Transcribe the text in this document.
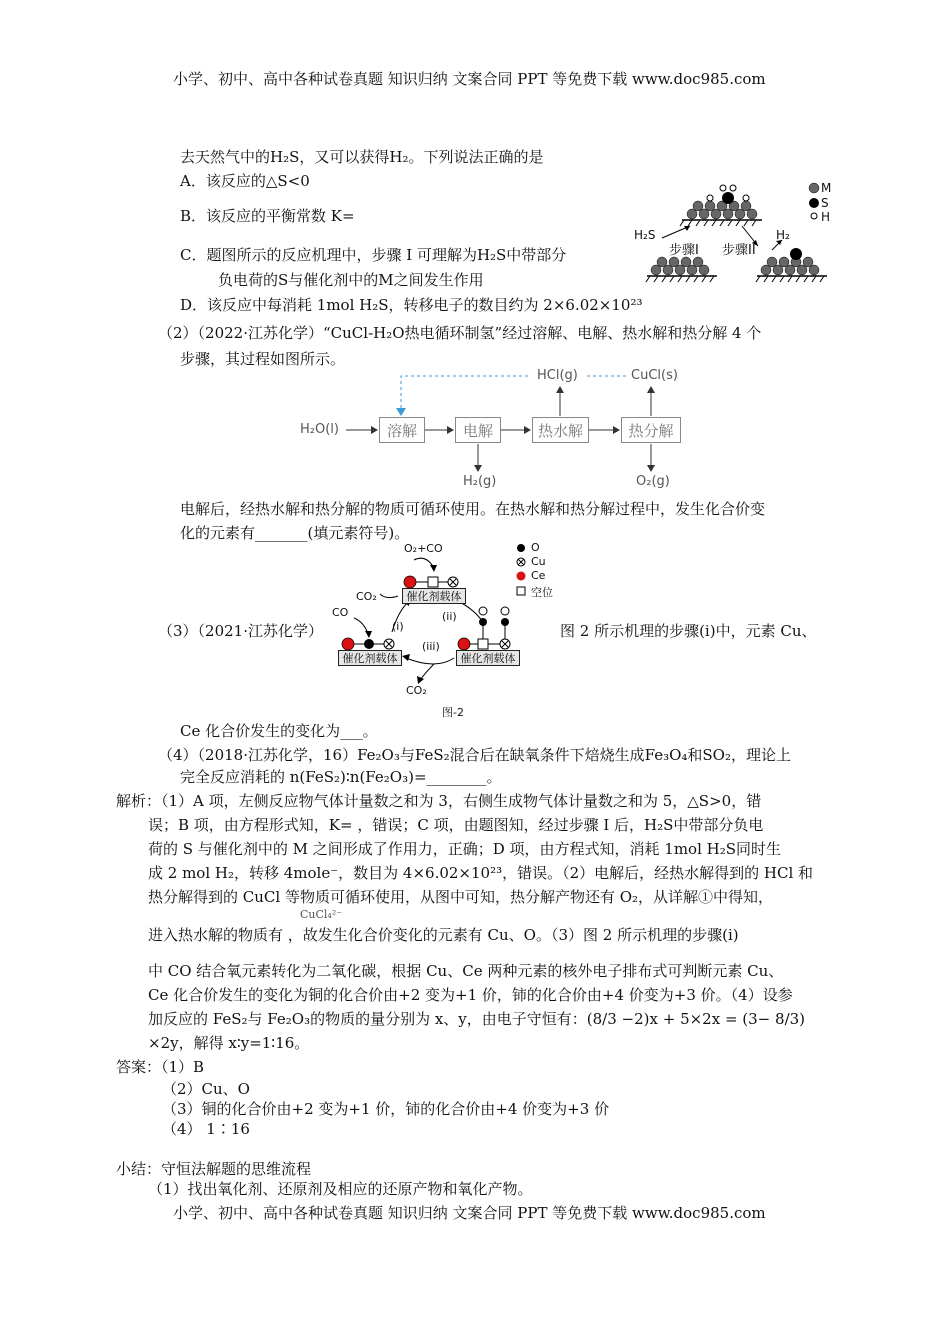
小学、初中、高中各种试卷真题 知识归纳 文案合同 PPT 等免费下载 www.doc985.com
小学、初中、高中各种试卷真题 知识归纳 文案合同 PPT 等免费下载 www.doc985.com
去天然气中的H₂S，又可以获得H₂。下列说法正确的是
A．该反应的△S<0
B．该反应的平衡常数 K=
C．题图所示的反应机理中，步骤 I 可理解为H₂S中带部分
负电荷的S与催化剂中的M之间发生作用
D．该反应中每消耗 1mol H₂S，转移电子的数目约为 2×6.02×10²³
M
S
H
H₂S	H₂
步骤I 步骤II
（2）（2022·江苏化学）“CuCl-H₂O热电循环制氢”经过溶解、电解、热水解和热分解 4 个
步骤，其过程如图所示。
H₂O(l)	溶解	电解	热水解	热分解
HCl(g)	CuCl(s)
H₂(g)	O₂(g)
电解后，经热水解和热分解的物质可循环使用。在热水解和热分解过程中，发生化合价变
化的元素有_______(填元素符号)。
（3）（2021·江苏化学）	图 2 所示机理的步骤(i)中，元素 Cu、
O₂+CO
CO₂
CO
CO₂
催化剂载体
催化剂载体	催化剂载体
(i)
(ii)
(iii)
O
Cu
Ce
空位
图-2
Ce 化合价发生的变化为___。
（4）（2018·江苏化学，16）Fe₂O₃与FeS₂混合后在缺氧条件下焙烧生成Fe₃O₄和SO₂，理论上
完全反应消耗的 n(FeS₂)∶n(Fe₂O₃)=________。
解析：（1）A 项，左侧反应物气体计量数之和为 3，右侧生成物气体计量数之和为 5，△S>0，错
误；B 项，由方程形式知，K= ，错误；C 项，由题图知，经过步骤 I 后，H₂S中带部分负电
荷的 S 与催化剂中的 M 之间形成了作用力，正确；D 项，由方程式知，消耗 1mol H₂S同时生
成 2 mol H₂，转移 4mole⁻，数目为 4×6.02×10²³，错误。（2）电解后，经热水解得到的 HCl 和
热分解得到的 CuCl 等物质可循环使用，从图中可知，热分解产物还有 O₂，从详解①中得知，
CuCl₄²⁻
进入热水解的物质有 ，故发生化合价变化的元素有 Cu、O。（3）图 2 所示机理的步骤(i)
中 CO 结合氧元素转化为二氧化碳，根据 Cu、Ce 两种元素的核外电子排布式可判断元素 Cu、
Ce 化合价发生的变化为铜的化合价由+2 变为+1 价，铈的化合价由+4 价变为+3 价。（4）设参
加反应的 FeS₂与 Fe₂O₃的物质的量分别为 x、y，由电子守恒有：(8/3 −2)x + 5×2x = (3− 8/3)
×2y，解得 x∶y=1∶16。
答案：（1）B
（2）Cu、O
（3）铜的化合价由+2 变为+1 价，铈的化合价由+4 价变为+3 价
（4） 1∶16
小结：守恒法解题的思维流程
（1）找出氧化剂、还原剂及相应的还原产物和氧化产物。
